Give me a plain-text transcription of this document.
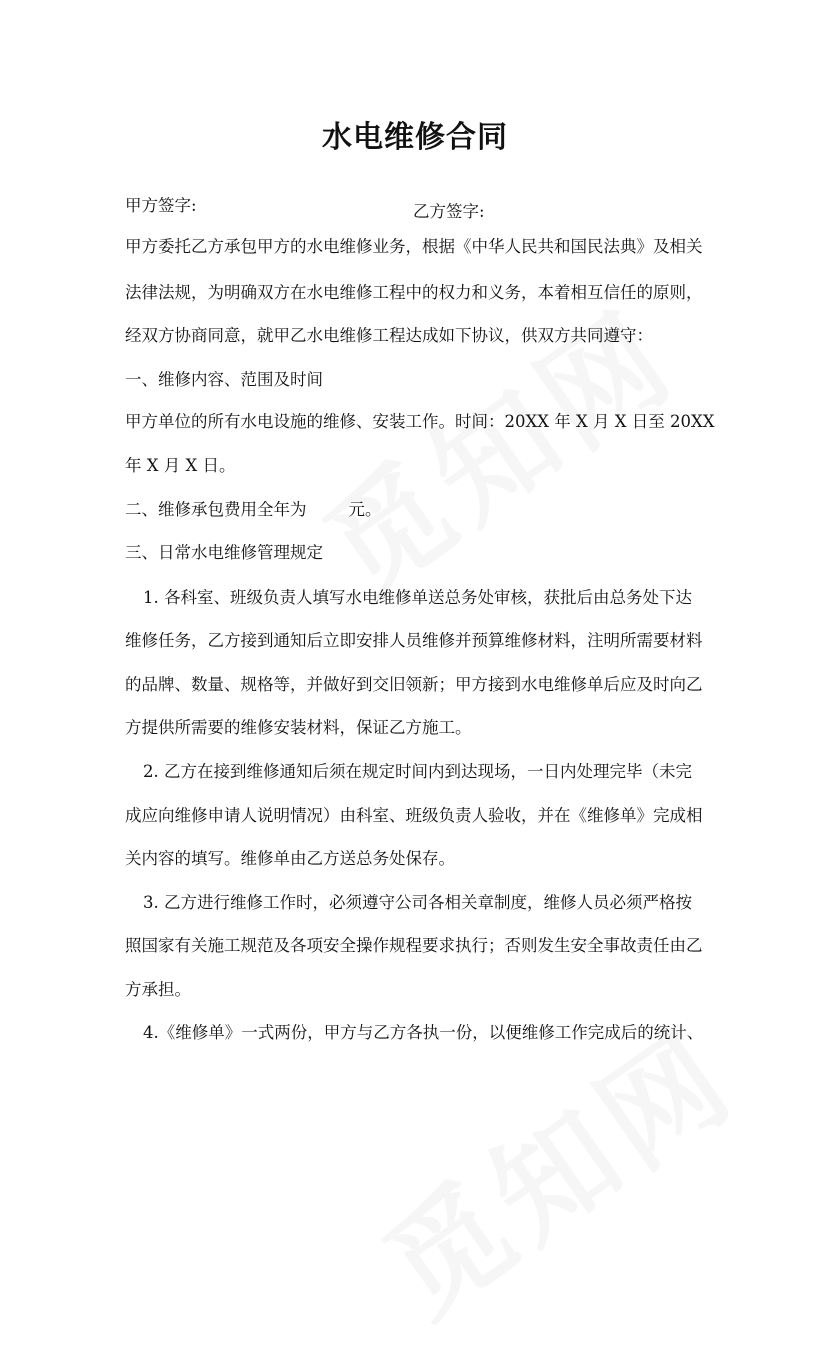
水电维修合同
甲方签字:	乙方签字:
甲方委托乙方承包甲方的水电维修业务，根据《中华人民共和国民法典》及相关
法律法规，为明确双方在水电维修工程中的权力和义务，本着相互信任的原则，
经双方协商同意，就甲乙水电维修工程达成如下协议，供双方共同遵守：
一、维修内容、范围及时间
甲方单位的所有水电设施的维修、安装工作。时间：20XX 年 X 月 X 日至 20XX
年 X 月 X 日。
二、维修承包费用全年为        元。
三、日常水电维修管理规定
1. 各科室、班级负责人填写水电维修单送总务处审核，获批后由总务处下达
维修任务，乙方接到通知后立即安排人员维修并预算维修材料，注明所需要材料
的品牌、数量、规格等，并做好到交旧领新；甲方接到水电维修单后应及时向乙
方提供所需要的维修安装材料，保证乙方施工。
2. 乙方在接到维修通知后须在规定时间内到达现场，一日内处理完毕（未完
成应向维修申请人说明情况）由科室、班级负责人验收，并在《维修单》完成相
关内容的填写。维修单由乙方送总务处保存。
3. 乙方进行维修工作时，必须遵守公司各相关章制度，维修人员必须严格按
照国家有关施工规范及各项安全操作规程要求执行；否则发生安全事故责任由乙
方承担。
4.《维修单》一式两份，甲方与乙方各执一份，以便维修工作完成后的统计、
